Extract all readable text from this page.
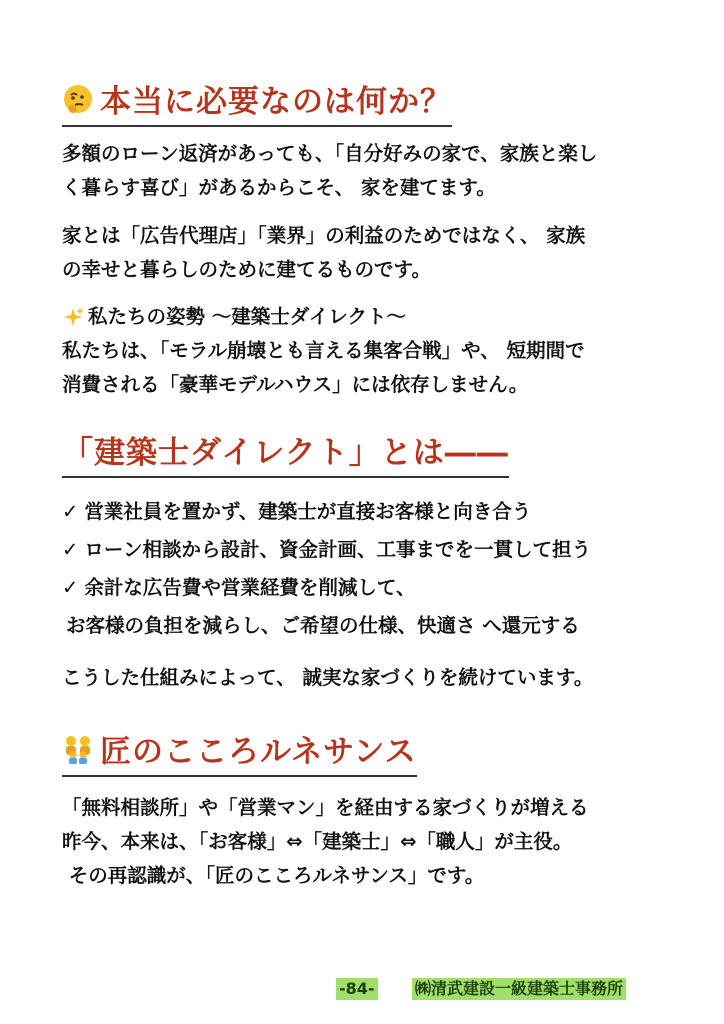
本当に必要なのは何か？
多額のローン返済があっても、「自分好みの家で、家族と楽し
く暮らす喜び」があるからこそ、 家を建てます。
家とは「広告代理店」「業界」の利益のためではなく、 家族
の幸せと暮らしのために建てるものです。
私たちの姿勢 ～建築士ダイレクト～
私たちは、「モラル崩壊とも言える集客合戦」や、 短期間で
消費される「豪華モデルハウス」には依存しません。
「建築士ダイレクト」とは――
✓ 営業社員を置かず、建築士が直接お客様と向き合う
✓ ローン相談から設計、資金計画、工事までを一貫して担う
✓ 余計な広告費や営業経費を削減して、
お客様の負担を減らし、ご希望の仕様、快適さ へ還元する
こうした仕組みによって、 誠実な家づくりを続けています。
匠のこころルネサンス
「無料相談所」や「営業マン」を経由する家づくりが増える
昨今、本来は、「お客様」⇔「建築士」⇔「職人」が主役。
その再認識が、「匠のこころルネサンス」です。
-84-	㈱清武建設一級建築士事務所
